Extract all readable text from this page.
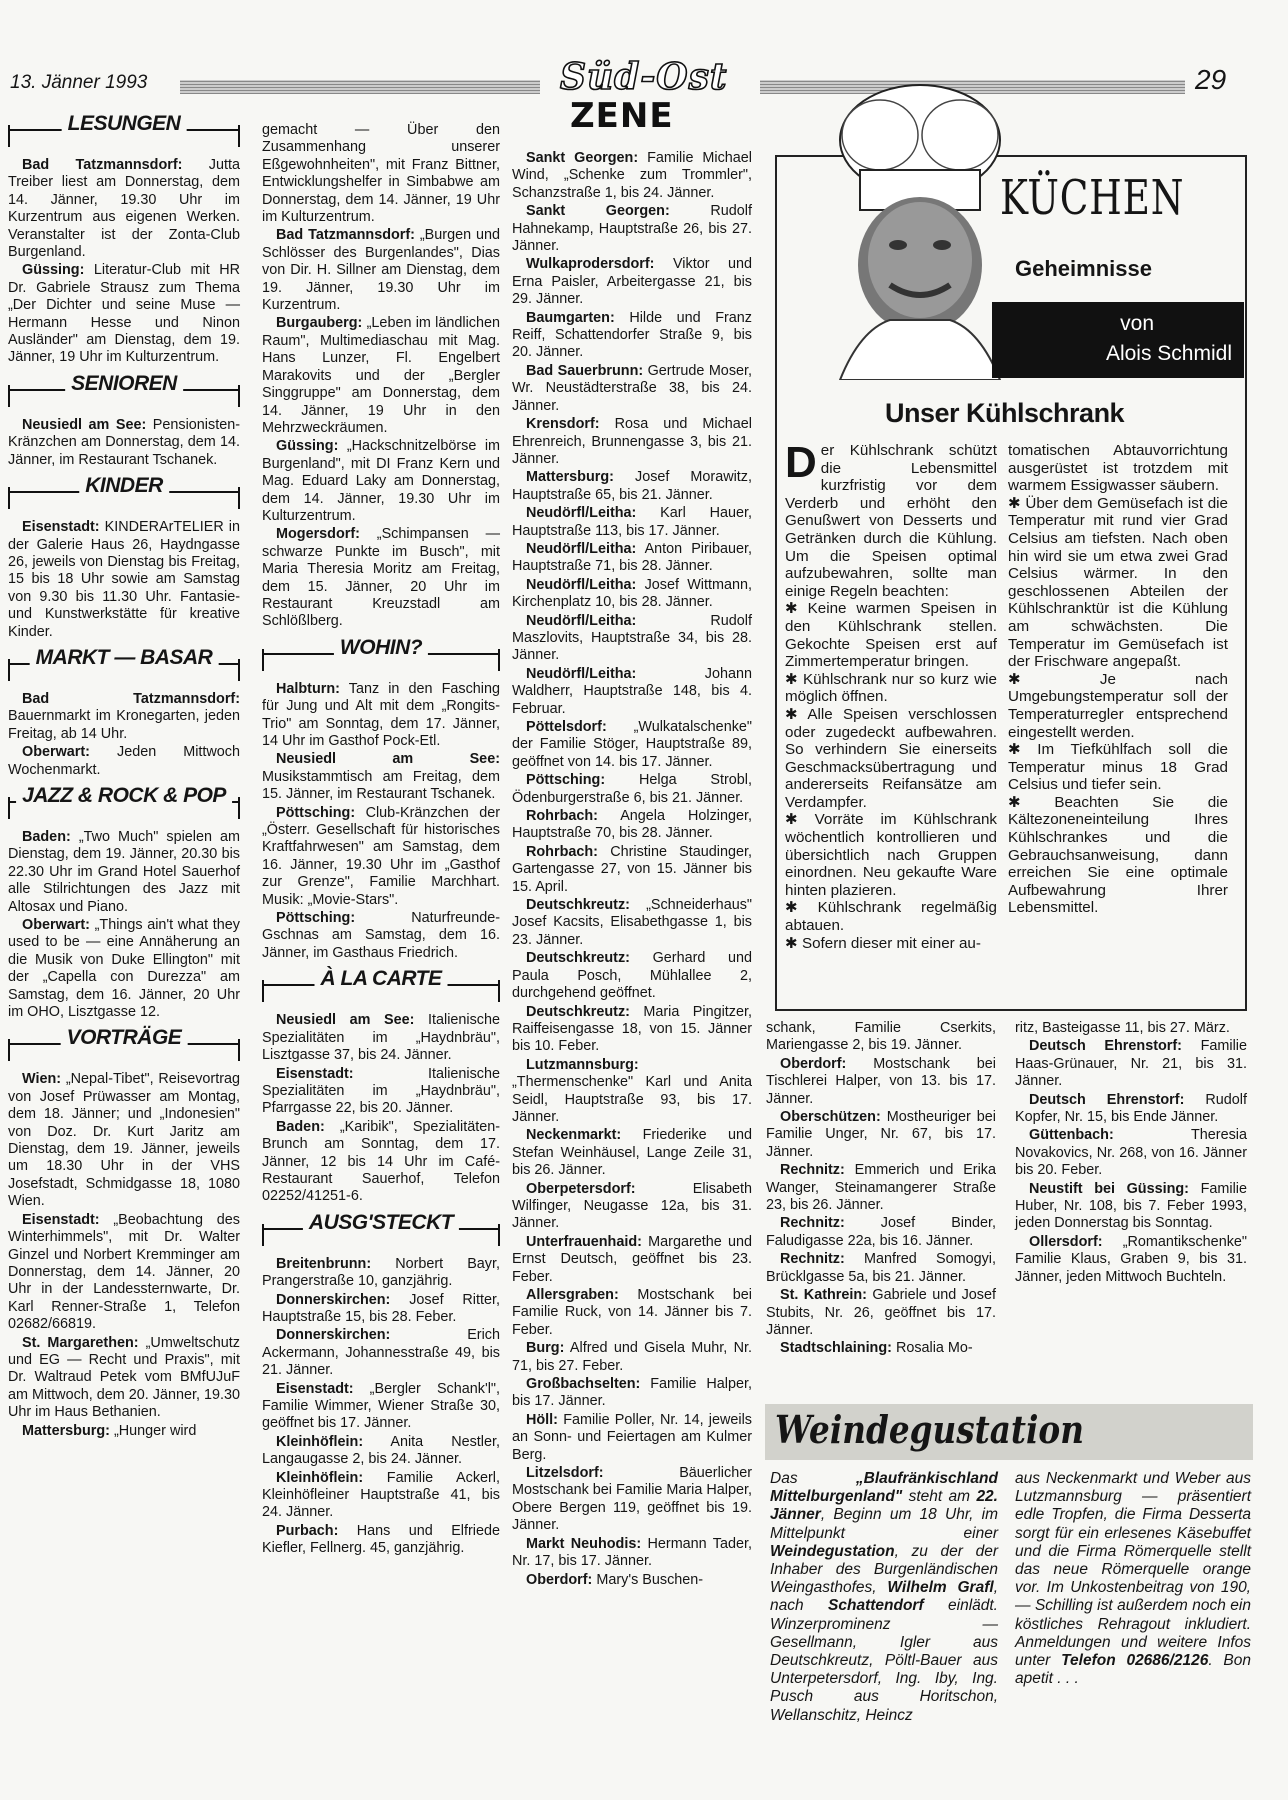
13. Jänner 1993	Süd-Ost
ZENE
29
LESUNGEN
Bad Tatzmannsdorf: Jutta Treiber liest am Donnerstag, dem 14. Jänner, 19.30 Uhr im Kurzentrum aus eigenen Werken. Veranstalter ist der Zonta-Club Burgenland.
Güssing: Literatur-Club mit HR Dr. Gabriele Strausz zum Thema „Der Dichter und seine Muse — Hermann Hesse und Ninon Ausländer" am Dienstag, dem 19. Jänner, 19 Uhr im Kulturzentrum.
SENIOREN
Neusiedl am See: Pensionisten-Kränzchen am Donnerstag, dem 14. Jänner, im Restaurant Tschanek.
KINDER
Eisenstadt: KINDERArTELIER in der Galerie Haus 26, Haydngasse 26, jeweils von Dienstag bis Freitag, 15 bis 18 Uhr sowie am Samstag von 9.30 bis 11.30 Uhr. Fantasie- und Kunstwerkstätte für kreative Kinder.
MARKT — BASAR
Bad Tatzmannsdorf: Bauernmarkt im Kronegarten, jeden Freitag, ab 14 Uhr.
Oberwart: Jeden Mittwoch Wochenmarkt.
JAZZ & ROCK & POP
Baden: „Two Much" spielen am Dienstag, dem 19. Jänner, 20.30 bis 22.30 Uhr im Grand Hotel Sauerhof alle Stilrichtungen des Jazz mit Altosax und Piano.
Oberwart: „Things ain't what they used to be — eine Annäherung an die Musik von Duke Ellington" mit der „Capella con Durezza" am Samstag, dem 16. Jänner, 20 Uhr im OHO, Lisztgasse 12.
VORTRÄGE
Wien: „Nepal-Tibet", Reisevortrag von Josef Prüwasser am Montag, dem 18. Jänner; und „Indonesien" von Doz. Dr. Kurt Jaritz am Dienstag, dem 19. Jänner, jeweils um 18.30 Uhr in der VHS Josefstadt, Schmidgasse 18, 1080 Wien.
Eisenstadt: „Beobachtung des Winterhimmels", mit Dr. Walter Ginzel und Norbert Kremminger am Donnerstag, dem 14. Jänner, 20 Uhr in der Landessternwarte, Dr. Karl Renner-Straße 1, Telefon 02682/66819.
St. Margarethen: „Umweltschutz und EG — Recht und Praxis", mit Dr. Waltraud Petek vom BMfUJuF am Mittwoch, dem 20. Jänner, 19.30 Uhr im Haus Bethanien.
Mattersburg: „Hunger wird
gemacht — Über den Zusammenhang unserer Eßgewohnheiten", mit Franz Bittner, Entwicklungshelfer in Simbabwe am Donnerstag, dem 14. Jänner, 19 Uhr im Kulturzentrum.
Bad Tatzmannsdorf: „Burgen und Schlösser des Burgenlandes", Dias von Dir. H. Sillner am Dienstag, dem 19. Jänner, 19.30 Uhr im Kurzentrum.
Burgauberg: „Leben im ländlichen Raum", Multimediaschau mit Mag. Hans Lunzer, Fl. Engelbert Marakovits und der „Bergler Singgruppe" am Donnerstag, dem 14. Jänner, 19 Uhr in den Mehrzweckräumen.
Güssing: „Hackschnitzelbörse im Burgenland", mit DI Franz Kern und Mag. Eduard Laky am Donnerstag, dem 14. Jänner, 19.30 Uhr im Kulturzentrum.
Mogersdorf: „Schimpansen — schwarze Punkte im Busch", mit Maria Theresia Moritz am Freitag, dem 15. Jänner, 20 Uhr im Restaurant Kreuzstadl am Schlößlberg.
WOHIN?
Halbturn: Tanz in den Fasching für Jung und Alt mit dem „Rongits-Trio" am Sonntag, dem 17. Jänner, 14 Uhr im Gasthof Pock-Etl.
Neusiedl am See: Musikstammtisch am Freitag, dem 15. Jänner, im Restaurant Tschanek.
Pöttsching: Club-Kränzchen der „Österr. Gesellschaft für historisches Kraftfahrwesen" am Samstag, dem 16. Jänner, 19.30 Uhr im „Gasthof zur Grenze", Familie Marchhart. Musik: „Movie-Stars".
Pöttsching:	Naturfreunde-Gschnas am Samstag, dem 16. Jänner, im Gasthaus Friedrich.
À LA CARTE
Neusiedl am See: Italienische Spezialitäten im „Haydnbräu", Lisztgasse 37, bis 24. Jänner.
Eisenstadt:	Italienische Spezialitäten im „Haydnbräu", Pfarrgasse 22, bis 20. Jänner.
Baden: „Karibik", Spezialitäten-Brunch am Sonntag, dem 17. Jänner, 12 bis 14 Uhr im Café-Restaurant Sauerhof, Telefon 02252/41251-6.
AUSG'STECKT
Breitenbrunn: Norbert Bayr, Prangerstraße 10, ganzjährig.
Donnerskirchen: Josef Ritter, Hauptstraße 15, bis 28. Feber.
Donnerskirchen:	Erich Ackermann, Johannesstraße 49, bis 21. Jänner.
Eisenstadt: „Bergler Schank'l", Familie Wimmer, Wiener Straße 30, geöffnet bis 17. Jänner.
Kleinhöflein: Anita Nestler, Langaugasse 2, bis 24. Jänner.
Kleinhöflein: Familie Ackerl, Kleinhöfleiner Hauptstraße 41, bis 24. Jänner.
Purbach: Hans und Elfriede Kiefler, Fellnerg. 45, ganzjährig.
Sankt Georgen: Familie Michael Wind, „Schenke zum Trommler", Schanzstraße 1, bis 24. Jänner.
Sankt Georgen:	Rudolf Hahnekamp, Hauptstraße 26, bis 27. Jänner.
Wulkaprodersdorf: Viktor und Erna Paisler, Arbeitergasse 21, bis 29. Jänner.
Baumgarten: Hilde und Franz Reiff, Schattendorfer Straße 9, bis 20. Jänner.
Bad Sauerbrunn: Gertrude Moser, Wr. Neustädterstraße 38, bis 24. Jänner.
Krensdorf: Rosa und Michael Ehrenreich, Brunnengasse 3, bis 21. Jänner.
Mattersburg: Josef Morawitz, Hauptstraße 65, bis 21. Jänner.
Neudörfl/Leitha: Karl Hauer, Hauptstraße 113, bis 17. Jänner.
Neudörfl/Leitha: Anton Piribauer, Hauptstraße 71, bis 28. Jänner.
Neudörfl/Leitha: Josef Wittmann, Kirchenplatz 10, bis 28. Jänner.
Neudörfl/Leitha:	Rudolf Maszlovits, Hauptstraße 34, bis 28. Jänner.
Neudörfl/Leitha:	Johann Waldherr, Hauptstraße 148, bis 4. Februar.
Pöttelsdorf: „Wulkatalschenke" der Familie Stöger, Hauptstraße 89, geöffnet von 14. bis 17. Jänner.
Pöttsching: Helga Strobl, Ödenburgerstraße 6, bis 21. Jänner.
Rohrbach: Angela Holzinger, Hauptstraße 70, bis 28. Jänner.
Rohrbach: Christine Staudinger, Gartengasse 27, von 15. Jänner bis 15. April.
Deutschkreutz: „Schneiderhaus" Josef Kacsits, Elisabethgasse 1, bis 23. Jänner.
Deutschkreutz: Gerhard und Paula Posch, Mühlallee 2, durchgehend geöffnet.
Deutschkreutz: Maria Pingitzer, Raiffeisengasse 18, von 15. Jänner bis 10. Feber.
Lutzmannsburg: „Thermenschenke" Karl und Anita Seidl, Hauptstraße 93, bis 17. Jänner.
Neckenmarkt: Friederike und Stefan Weinhäusel, Lange Zeile 31, bis 26. Jänner.
Oberpetersdorf:	Elisabeth Wilfinger, Neugasse 12a, bis 31. Jänner.
Unterfrauenhaid: Margarethe und Ernst Deutsch, geöffnet bis 23. Feber.
Allersgraben: Mostschank bei Familie Ruck, von 14. Jänner bis 7. Feber.
Burg: Alfred und Gisela Muhr, Nr. 71, bis 27. Feber.
Großbachselten: Familie Halper, bis 17. Jänner.
Höll: Familie Poller, Nr. 14, jeweils an Sonn- und Feiertagen am Kulmer Berg.
Litzelsdorf:	Bäuerlicher Mostschank bei Familie Maria Halper, Obere Bergen 119, geöffnet bis 19. Jänner.
Markt Neuhodis: Hermann Tader, Nr. 17, bis 17. Jänner.
Oberdorf: Mary's Buschen-
KÜCHEN
Geheimnisse
von
Alois Schmidl
Unser Kühlschrank
Der Kühlschrank schützt die Lebensmittel kurzfristig vor dem Verderb und erhöht den Genußwert von Desserts und Getränken durch die Kühlung. Um die Speisen optimal aufzubewahren, sollte man einige Regeln beachten:
✱ Keine warmen Speisen in den Kühlschrank stellen. Gekochte Speisen erst auf Zimmertemperatur bringen.
✱ Kühlschrank nur so kurz wie möglich öffnen.
✱ Alle Speisen verschlossen oder zugedeckt aufbewahren. So verhindern Sie einerseits Geschmacksübertragung und andererseits Reifansätze am Verdampfer.
✱ Vorräte im Kühlschrank wöchentlich kontrollieren und übersichtlich nach Gruppen einordnen. Neu gekaufte Ware hinten plazieren.
✱ Kühlschrank regelmäßig abtauen.
✱ Sofern dieser mit einer au-
tomatischen Abtauvorrichtung ausgerüstet ist trotzdem mit warmem Essigwasser säubern.
✱ Über dem Gemüsefach ist die Temperatur mit rund vier Grad Celsius am tiefsten. Nach oben hin wird sie um etwa zwei Grad Celsius wärmer. In den geschlossenen Abteilen der Kühlschranktür ist die Kühlung am schwächsten. Die Temperatur im Gemüsefach ist der Frischware angepaßt.
✱ Je nach Umgebungstemperatur soll der Temperaturregler entsprechend eingestellt werden.
✱ Im Tiefkühlfach soll die Temperatur minus 18 Grad Celsius und tiefer sein.
✱ Beachten Sie die Kältezoneneinteilung Ihres Kühlschrankes und die Gebrauchsanweisung, dann erreichen Sie eine optimale Aufbewahrung Ihrer Lebensmittel.
schank, Familie Cserkits, Mariengasse 2, bis 19. Jänner.
Oberdorf: Mostschank bei Tischlerei Halper, von 13. bis 17. Jänner.
Oberschützen: Mostheuriger bei Familie Unger, Nr. 67, bis 17. Jänner.
Rechnitz: Emmerich und Erika Wanger, Steinamangerer Straße 23, bis 26. Jänner.
Rechnitz:	Josef Binder, Faludigasse 22a, bis 16. Jänner.
Rechnitz: Manfred Somogyi, Brücklgasse 5a, bis 21. Jänner.
St. Kathrein: Gabriele und Josef Stubits, Nr. 26, geöffnet bis 17. Jänner.
Stadtschlaining: Rosalia Mo-
ritz, Basteigasse 11, bis 27. März.
Deutsch Ehrenstorf: Familie Haas-Grünauer, Nr. 21, bis 31. Jänner.
Deutsch Ehrenstorf: Rudolf Kopfer, Nr. 15, bis Ende Jänner.
Güttenbach:	Theresia Novakovics, Nr. 268, von 16. Jänner bis 20. Feber.
Neustift bei Güssing: Familie Huber, Nr. 108, bis 7. Feber 1993, jeden Donnerstag bis Sonntag.
Ollersdorf: „Romantikschenke" Familie Klaus, Graben 9, bis 31. Jänner, jeden Mittwoch Buchteln.
Weindegustation
Das „Blaufränkischland Mittelburgenland" steht am 22. Jänner, Beginn um 18 Uhr, im Mittelpunkt einer Weindegustation, zu der der Inhaber des Burgenländischen Weingasthofes, Wilhelm Grafl, nach Schattendorf einlädt. Winzerprominenz — Gesellmann, Igler aus Deutschkreutz, Pöltl-Bauer aus Unterpetersdorf, Ing. Iby, Ing. Pusch aus Horitschon, Wellanschitz, Heincz
aus Neckenmarkt und Weber aus Lutzmannsburg — präsentiert edle Tropfen, die Firma Desserta sorgt für ein erlesenes Käsebuffet und die Firma Römerquelle stellt das neue Römerquelle orange vor. Im Unkostenbeitrag von 190,— Schilling ist außerdem noch ein köstliches Rehragout inkludiert. Anmeldungen und weitere Infos unter Telefon 02686/2126. Bon apetit . . .
